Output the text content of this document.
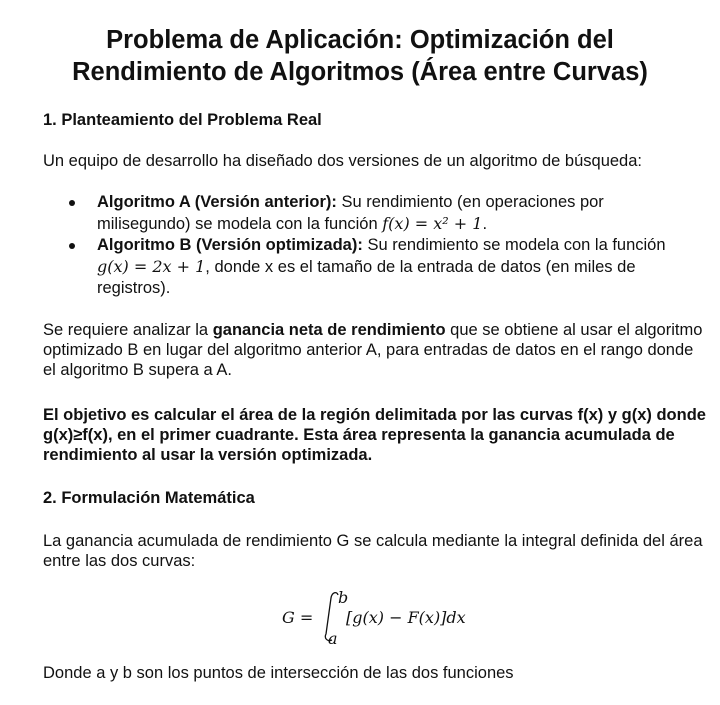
Problema de Aplicación: Optimización del
Rendimiento de Algoritmos (Área entre Curvas)
1. Planteamiento del Problema Real

Un equipo de desarrollo ha diseñado dos versiones de un algoritmo de búsqueda:

Algoritmo A (Versión anterior): Su rendimiento (en operaciones por milisegundo) se modela con la función f(x) = x² + 1.
Algoritmo B (Versión optimizada): Su rendimiento se modela con la función g(x) = 2x + 1, donde x es el tamaño de la entrada de datos (en miles de registros).

Se requiere analizar la ganancia neta de rendimiento que se obtiene al usar el algoritmo optimizado B en lugar del algoritmo anterior A, para entradas de datos en el rango donde el algoritmo B supera a A.

El objetivo es calcular el área de la región delimitada por las curvas f(x) y g(x) donde g(x)≥f(x), en el primer cuadrante. Esta área representa la ganancia acumulada de rendimiento al usar la versión optimizada.

2. Formulación Matemática

La ganancia acumulada de rendimiento G se calcula mediante la integral definida del área entre las dos curvas:

G =
b
a
[g(x) − F(x)]dx

Donde a y b son los puntos de intersección de las dos funciones
